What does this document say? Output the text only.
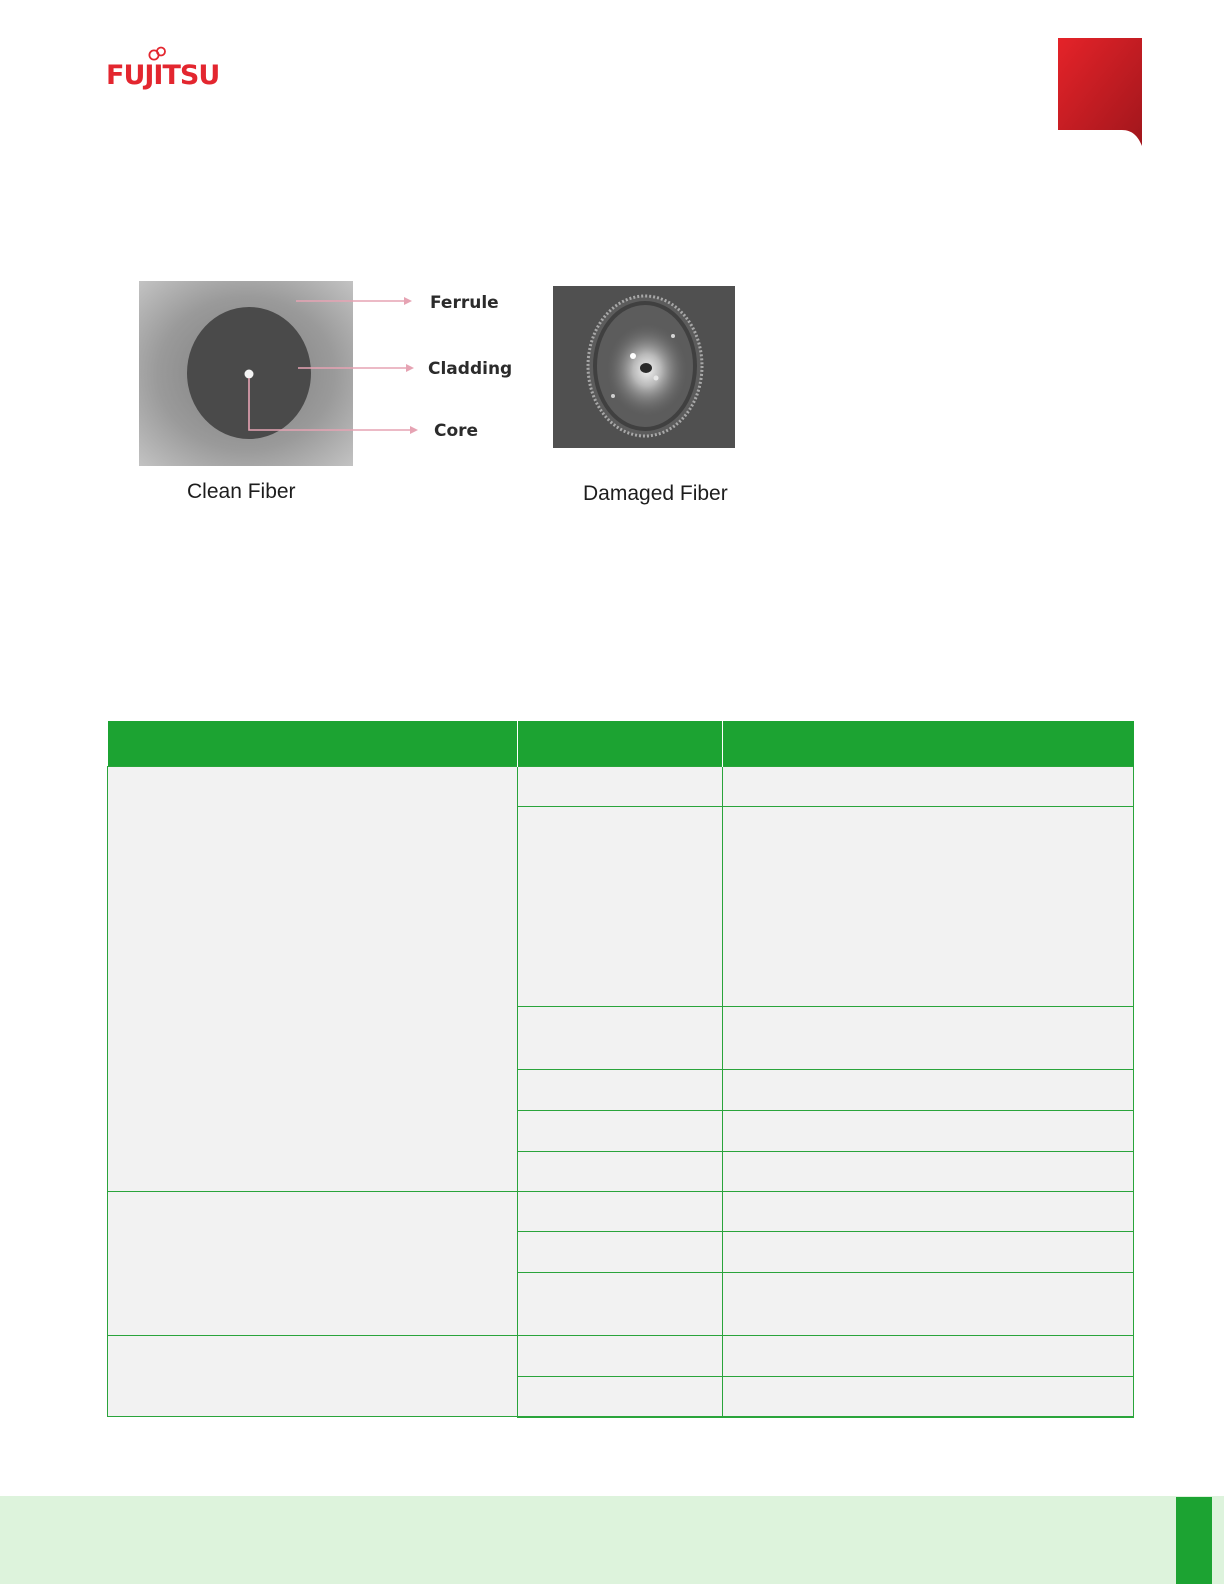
FUJITSU
Ferrule
Cladding
Core
Clean Fiber	Damaged Fiber
